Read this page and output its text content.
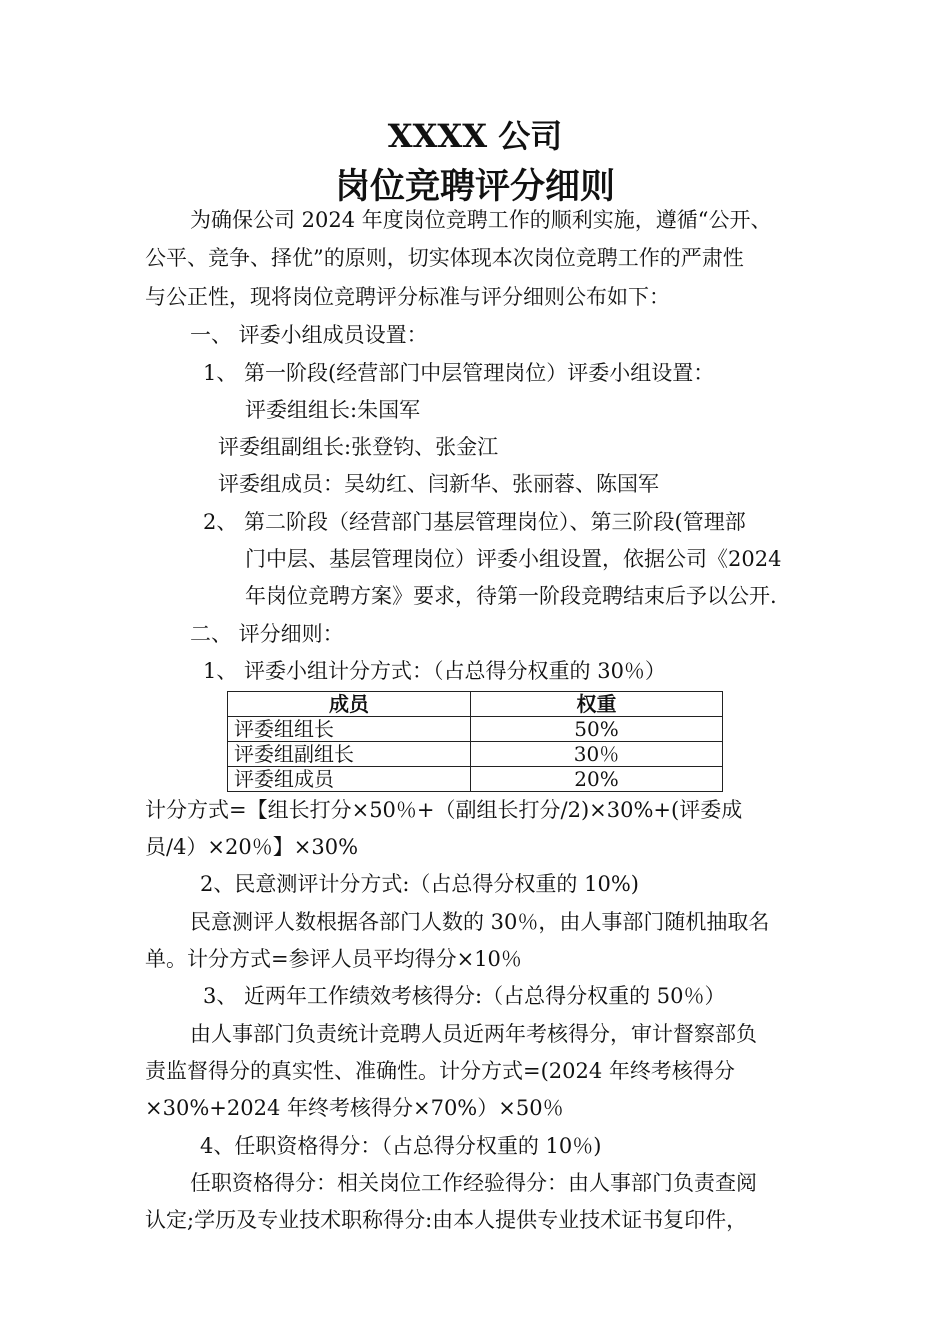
XXXX 公司
岗位竞聘评分细则
为确保公司 2024 年度岗位竞聘工作的顺利实施，遵循“公开、
公平、竞争、择优”的原则，切实体现本次岗位竞聘工作的严肃性
与公正性，现将岗位竞聘评分标准与评分细则公布如下：
一、 评委小组成员设置：
1、 第一阶段(经营部门中层管理岗位）评委小组设置：
评委组组长:朱国军
评委组副组长:张登钧、张金江
评委组成员：吴幼红、闫新华、张丽蓉、陈国军
2、 第二阶段（经营部门基层管理岗位）、第三阶段(管理部
门中层、基层管理岗位）评委小组设置，依据公司《2024
年岗位竞聘方案》要求，待第一阶段竞聘结束后予以公开.
二、 评分细则：
1、 评委小组计分方式：（占总得分权重的 30％）
成员	权重
评委组组长	50%
评委组副组长	30％
评委组成员	20%
计分方式=【组长打分×50％+（副组长打分/2)×30%+(评委成
员/4）×20％】×30%
2、民意测评计分方式:（占总得分权重的 10%)
民意测评人数根据各部门人数的 30％，由人事部门随机抽取名
单。计分方式=参评人员平均得分×10％
3、 近两年工作绩效考核得分:（占总得分权重的 50％）
由人事部门负责统计竞聘人员近两年考核得分，审计督察部负
责监督得分的真实性、准确性。计分方式=(2024 年终考核得分
×30%+2024 年终考核得分×70%）×50％
4、任职资格得分：（占总得分权重的 10％)
任职资格得分：相关岗位工作经验得分：由人事部门负责查阅
认定;学历及专业技术职称得分:由本人提供专业技术证书复印件，
